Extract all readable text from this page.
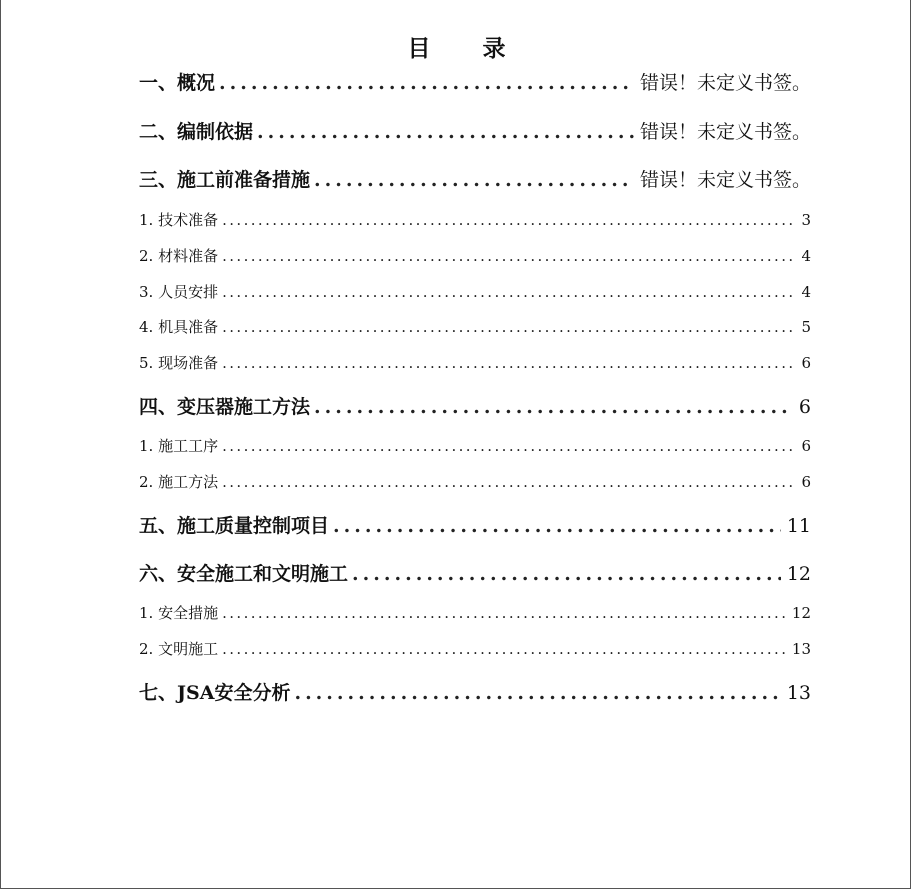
目 录
一、概况 .....	错误！未定义书签。
二、编制依据 .....	错误！未定义书签。
三、施工前准备措施 .....	错误！未定义书签。
1. 技术准备 .....	3
2. 材料准备 .....	4
3. 人员安排 .....	4
4. 机具准备 .....	5
5. 现场准备 .....	6
四、变压器施工方法 .....	6
1. 施工工序 .....	6
2. 施工方法 .....	6
五、施工质量控制项目 .....	11
六、安全施工和文明施工 .....	12
1. 安全措施 .....	12
2. 文明施工 .....	13
七、JSA安全分析 .....	13
